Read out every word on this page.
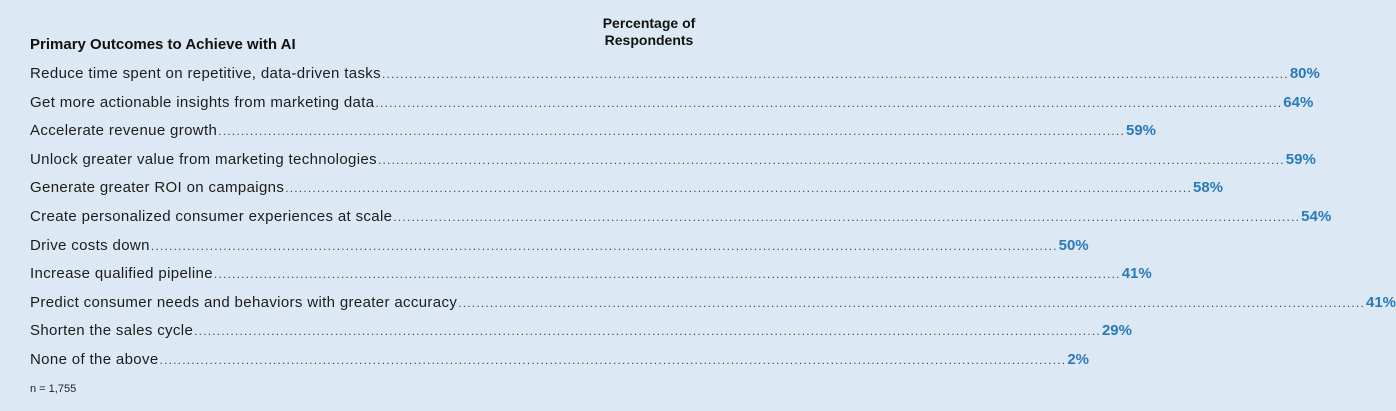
Primary Outcomes to Achieve with AI
Percentage of
Respondents
Reduce time spent on repetitive, data-driven tasks ........................................................................................................................................................................................................ 80%
Get more actionable insights from marketing data ........................................................................................................................................................................................................ 64%
Accelerate revenue growth ........................................................................................................................................................................................................ 59%
Unlock greater value from marketing technologies ........................................................................................................................................................................................................ 59%
Generate greater ROI on campaigns ........................................................................................................................................................................................................ 58%
Create personalized consumer experiences at scale ........................................................................................................................................................................................................ 54%
Drive costs down ........................................................................................................................................................................................................ 50%
Increase qualified pipeline ........................................................................................................................................................................................................ 41%
Predict consumer needs and behaviors with greater accuracy ........................................................................................................................................................................................................ 41%
Shorten the sales cycle ........................................................................................................................................................................................................ 29%
None of the above ........................................................................................................................................................................................................ 2%
n = 1,755
